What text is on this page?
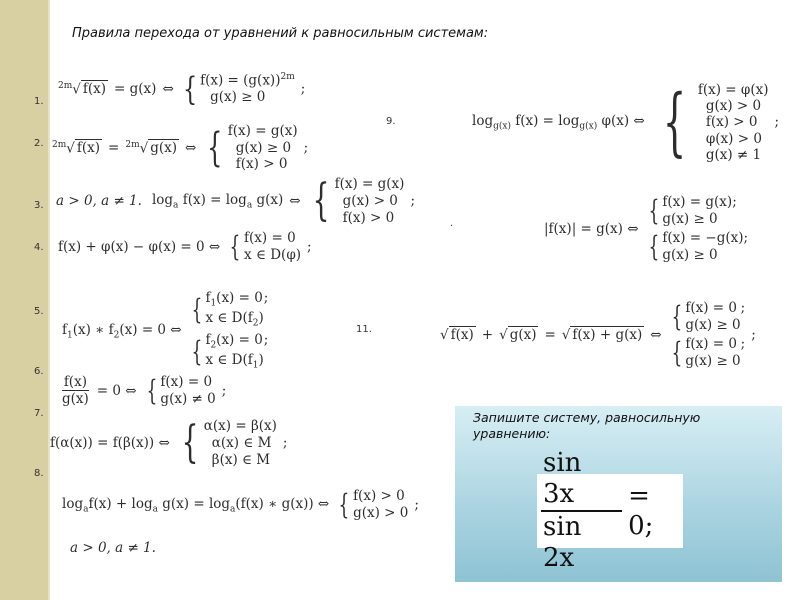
Правила перехода от уравнений к равносильным системам:
1.
2.
3.
4.
5.
6.
7.
8.
9.
11.
$^{2m}$√ f(x) = g(x) ⇔ { $f(x) = (g(x))^{2m}$
g(x) ≥ 0
;
$^{2m}$√ f(x) = $^{2m}$√ g(x) ⇔ { f(x) = g(x)
g(x) ≥ 0
f(x) > 0
;
a > 0, a ≠ 1. $\log_a f(x) = \log_a g(x)$ ⇔ { f(x) = g(x)
g(x) > 0
f(x) > 0
;
.
f(x) + φ(x) − φ(x) = 0 ⇔ { f(x) = 0
x ∈ D(φ) ;
$f_1(x)$ ∗ $f_2(x) = 0$ ⇔
{ $f_1(x) = 0$
x ∈ $D(f_2)$
;
{ $f_2(x) = 0$
x ∈ $D(f_1)$
;
$\frac{f(x)}{g(x)} = 0$ ⇔ { f(x) = 0
g(x) ≠ 0 ;
f(α(x)) = f(β(x)) ⇔ { α(x) = β(x)
α(x) ∈ M
β(x) ∈ M
;
$\log_af(x) + \log_a g(x) = \log_a(f(x)$ ∗ g(x)) ⇔ { f(x) > 0
g(x) > 0 ;
a > 0, a ≠ 1.
$\log_{g(x)} f(x) = \log_{g(x)} \varphi(x)$ ⇔ { f(x) = φ(x)
g(x) > 0
f(x) > 0
φ(x) > 0
g(x) ≠ 1
;
|f(x)| = g(x) ⇔
{ f(x) = g(x)
g(x) ≥ 0
;
{ f(x) = −g(x)
g(x) ≥ 0
;
√ f(x) + √ g(x) = √ f(x) + g(x) ⇔
{ f(x) = 0
g(x) ≥ 0
;
{ f(x) = 0
g(x) ≥ 0
;
;
Запишите систему, равносильную уравнению:
$\frac{\sin 3x}{\sin 2x} = 0$;
